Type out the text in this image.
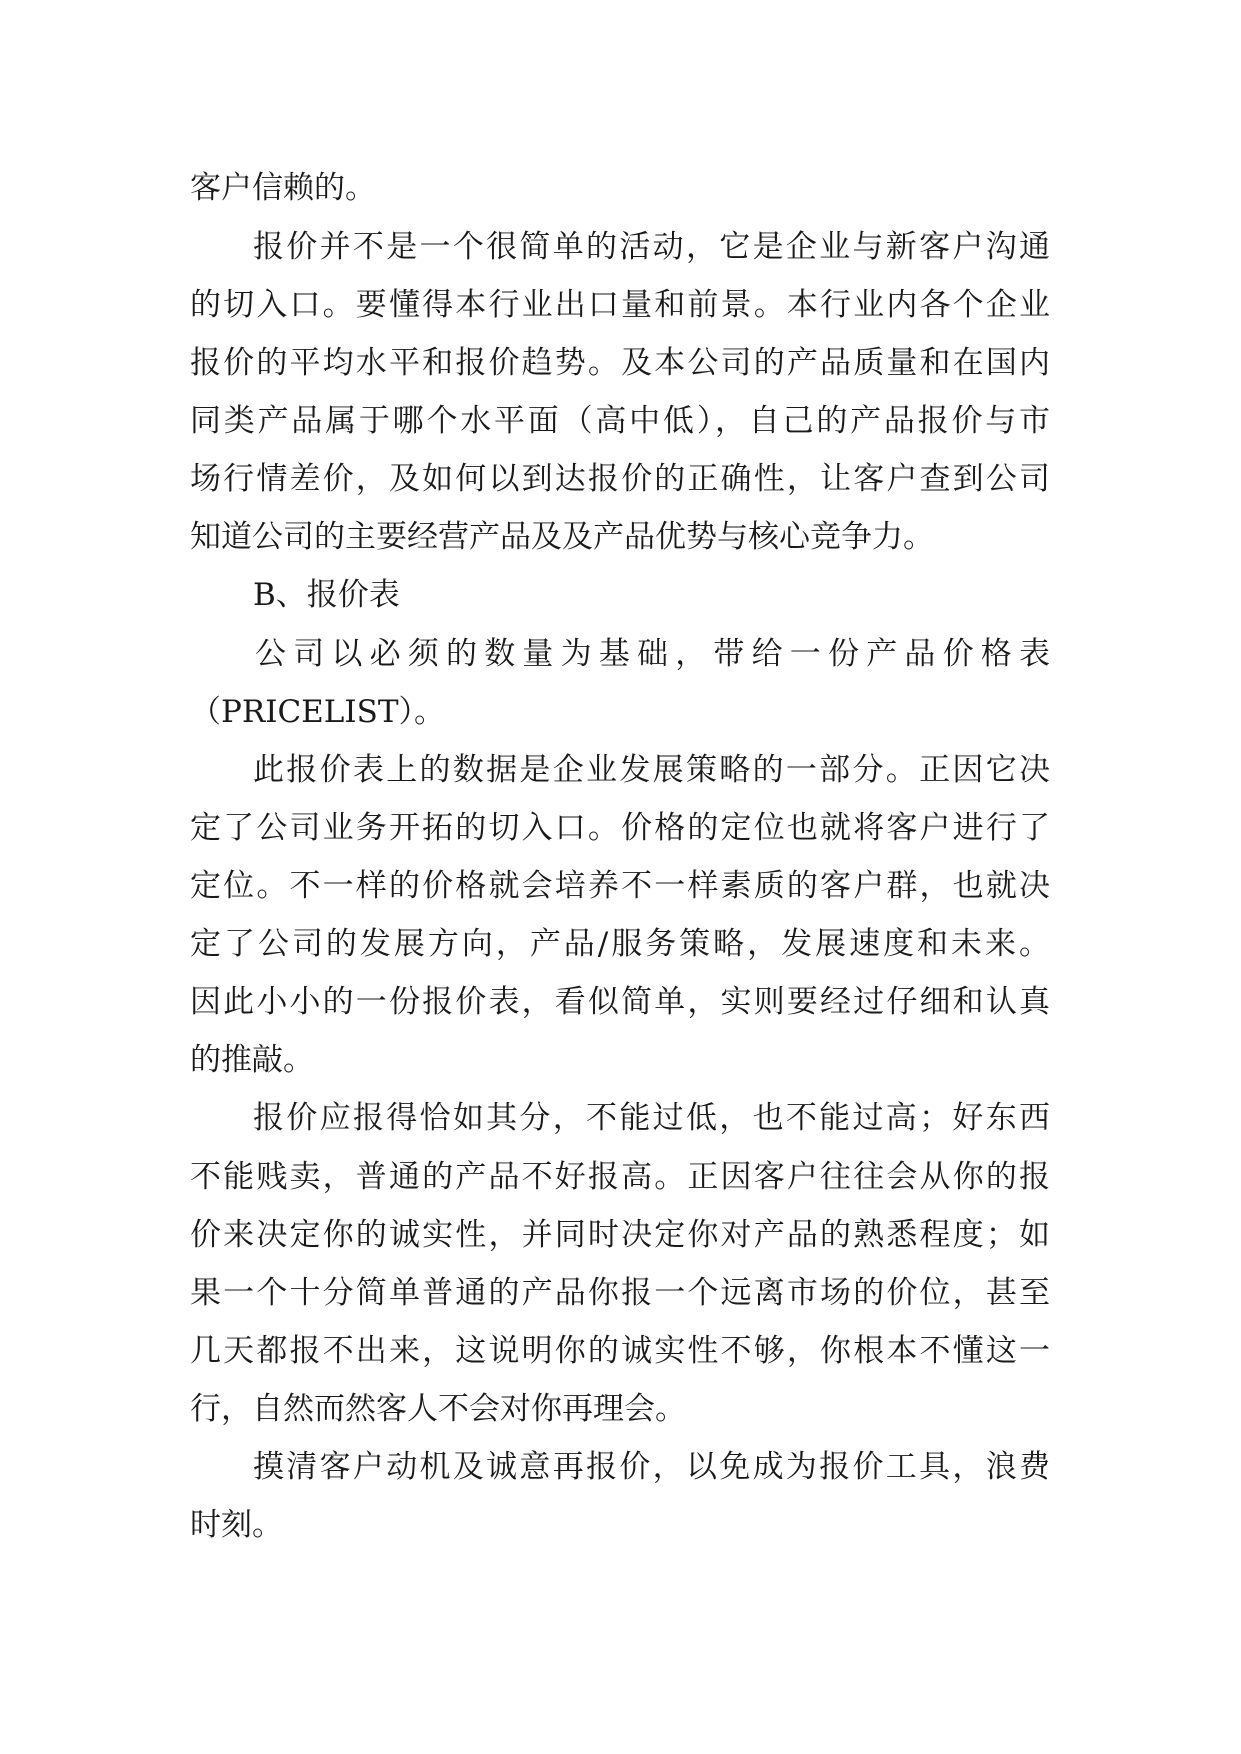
客户信赖的。
报价并不是一个很简单的活动，它是企业与新客户沟通
的切入口。要懂得本行业出口量和前景。本行业内各个企业
报价的平均水平和报价趋势。及本公司的产品质量和在国内
同类产品属于哪个水平面（高中低），自己的产品报价与市
场行情差价，及如何以到达报价的正确性，让客户查到公司
知道公司的主要经营产品及及产品优势与核心竞争力。
B、报价表
公司以必须的数量为基础，带给一份产品价格表
（PRICELIST）。
此报价表上的数据是企业发展策略的一部分。正因它决
定了公司业务开拓的切入口。价格的定位也就将客户进行了
定位。不一样的价格就会培养不一样素质的客户群，也就决
定了公司的发展方向，产品/服务策略，发展速度和未来。
因此小小的一份报价表，看似简单，实则要经过仔细和认真
的推敲。
报价应报得恰如其分，不能过低，也不能过高；好东西
不能贱卖，普通的产品不好报高。正因客户往往会从你的报
价来决定你的诚实性，并同时决定你对产品的熟悉程度；如
果一个十分简单普通的产品你报一个远离市场的价位，甚至
几天都报不出来，这说明你的诚实性不够，你根本不懂这一
行，自然而然客人不会对你再理会。
摸清客户动机及诚意再报价，以免成为报价工具，浪费
时刻。
